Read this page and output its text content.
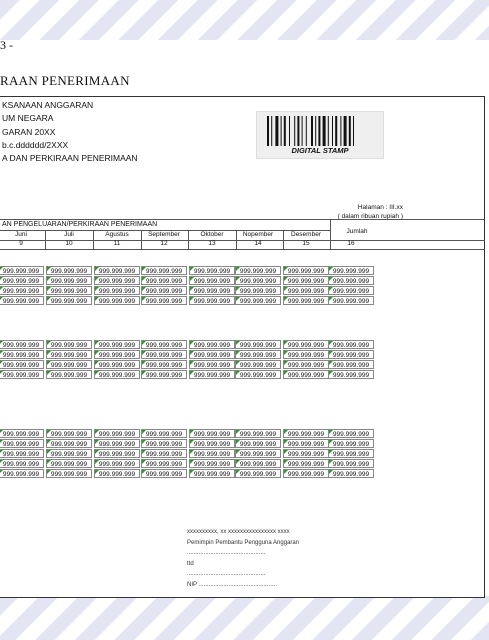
3 -
RAAN PENERIMAAN
KSANAAN ANGGARAN
UM NEGARA
GARAN 20XX
b.c.dddddd/2XXX
A DAN PERKIRAAN PENERIMAAN
DIGITAL STAMP
Halaman : III.xx
( dalam ribuan rupiah )
AN PENGELUARAN/PERKIRAAN PENERIMAAN
Jumlah
Juni	Juli	Agustus	September	Oktober	Nopember	Desember
9	10	11	12	13	14	15	16
999.999.999	999.999.999	999.999.999	999.999.999	999.999.999	999.999.999	999.999.999	999.999.999
999.999.999	999.999.999	999.999.999	999.999.999	999.999.999	999.999.999	999.999.999	999.999.999
999.999.999	999.999.999	999.999.999	999.999.999	999.999.999	999.999.999	999.999.999	999.999.999
999.999.999	999.999.999	999.999.999	999.999.999	999.999.999	999.999.999	999.999.999	999.999.999
999.999.999	999.999.999	999.999.999	999.999.999	999.999.999	999.999.999	999.999.999	999.999.999
999.999.999	999.999.999	999.999.999	999.999.999	999.999.999	999.999.999	999.999.999	999.999.999
999.999.999	999.999.999	999.999.999	999.999.999	999.999.999	999.999.999	999.999.999	999.999.999
999.999.999	999.999.999	999.999.999	999.999.999	999.999.999	999.999.999	999.999.999	999.999.999
999.999.999	999.999.999	999.999.999	999.999.999	999.999.999	999.999.999	999.999.999	999.999.999
999.999.999	999.999.999	999.999.999	999.999.999	999.999.999	999.999.999	999.999.999	999.999.999
999.999.999	999.999.999	999.999.999	999.999.999	999.999.999	999.999.999	999.999.999	999.999.999
999.999.999	999.999.999	999.999.999	999.999.999	999.999.999	999.999.999	999.999.999	999.999.999
999.999.999	999.999.999	999.999.999	999.999.999	999.999.999	999.999.999	999.999.999	999.999.999
xxxxxxxxxx, xx xxxxxxxxxxxxxxxx xxxx
Pemimpin Pembantu Pengguna Anggaran
...............................................
ttd
...............................................
NIP ...............................................
